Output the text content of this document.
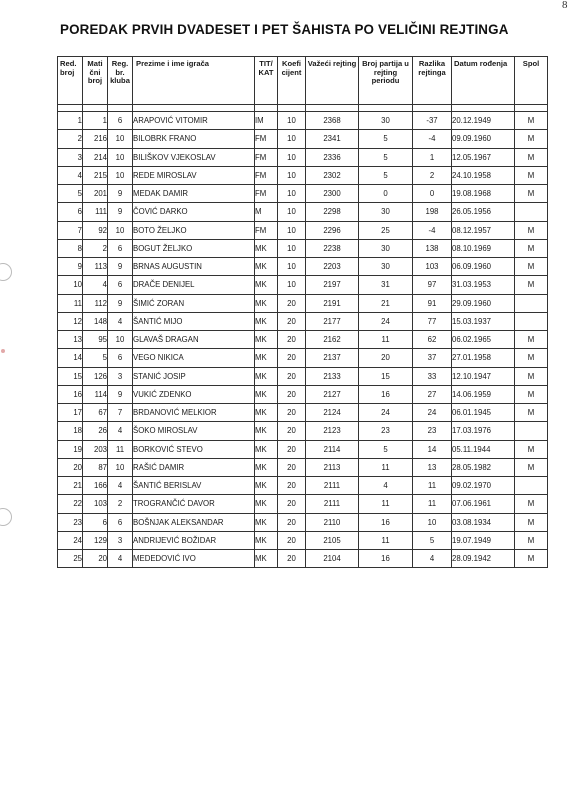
8
POREDAK PRVIH DVADESET I PET ŠAHISTA PO VELIČINI REJTINGA
Red. broj	Mati čni broj	Reg. br. kluba	Prezime i ime igrača	TIT/ KAT	Koefi cijent	Važeći rejting	Broj partija u rejting periodu	Razlika rejtinga	Datum rođenja	Spol

1	1	6	ARAPOVIĆ VITOMIR	IM	10	2368	30	-37	20.12.1949	M
2	216	10	BILOBRK FRANO	FM	10	2341	5	-4	09.09.1960	M
3	214	10	BILIŠKOV VJEKOSLAV	FM	10	2336	5	1	12.05.1967	M
4	215	10	REDE MIROSLAV	FM	10	2302	5	2	24.10.1958	M
5	201	9	MEDAK DAMIR	FM	10	2300	0	0	19.08.1968	M
6	111	9	ČOVIĆ DARKO	M	10	2298	30	198	26.05.1956	
7	92	10	BOTO ŽELJKO	FM	10	2296	25	-4	08.12.1957	M
8	2	6	BOGUT ŽELJKO	MK	10	2238	30	138	08.10.1969	M
9	113	9	BRNAS AUGUSTIN	MK	10	2203	30	103	06.09.1960	M
10	4	6	DRAČE DENIJEL	MK	10	2197	31	97	31.03.1953	M
11	112	9	ŠIMIĆ ZORAN	MK	20	2191	21	91	29.09.1960	
12	148	4	ŠANTIĆ MIJO	MK	20	2177	24	77	15.03.1937	
13	95	10	GLAVAŠ DRAGAN	MK	20	2162	11	62	06.02.1965	M
14	5	6	VEGO NIKICA	MK	20	2137	20	37	27.01.1958	M
15	126	3	STANIĆ JOSIP	MK	20	2133	15	33	12.10.1947	M
16	114	9	VUKIĆ ZDENKO	MK	20	2127	16	27	14.06.1959	M
17	67	7	BRDANOVIĆ MELKIOR	MK	20	2124	24	24	06.01.1945	M
18	26	4	ŠOKO MIROSLAV	MK	20	2123	23	23	17.03.1976	
19	203	11	BORKOVIĆ STEVO	MK	20	2114	5	14	05.11.1944	M
20	87	10	RAŠIĆ DAMIR	MK	20	2113	11	13	28.05.1982	M
21	166	4	ŠANTIĆ BERISLAV	MK	20	2111	4	11	09.02.1970	
22	103	2	TROGRANČIĆ DAVOR	MK	20	2111	11	11	07.06.1961	M
23	6	6	BOŠNJAK ALEKSANDAR	MK	20	2110	16	10	03.08.1934	M
24	129	3	ANDRIJEVIĆ BOŽIDAR	MK	20	2105	11	5	19.07.1949	M
25	20	4	MEDEDOVIĆ IVO	MK	20	2104	16	4	28.09.1942	M
